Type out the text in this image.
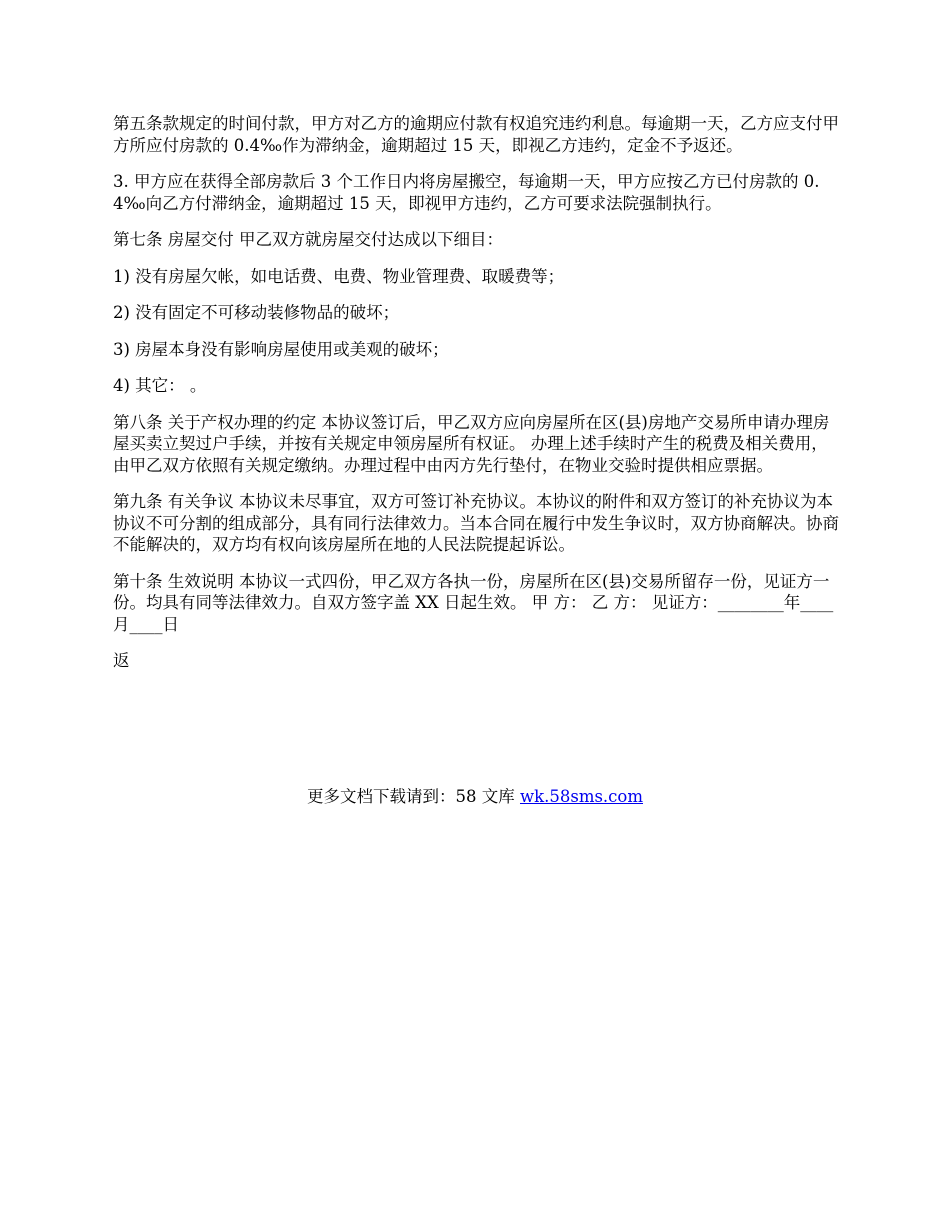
第五条款规定的时间付款，甲方对乙方的逾期应付款有权追究违约利息。每逾期一天，乙方应支付甲方所应付房款的 0.4‰作为滞纳金，逾期超过 15 天，即视乙方违约，定金不予返还。

3. 甲方应在获得全部房款后 3 个工作日内将房屋搬空，每逾期一天，甲方应按乙方已付房款的 0.4‰向乙方付滞纳金，逾期超过 15 天，即视甲方违约，乙方可要求法院强制执行。

第七条 房屋交付 甲乙双方就房屋交付达成以下细目：

1) 没有房屋欠帐，如电话费、电费、物业管理费、取暖费等；

2) 没有固定不可移动装修物品的破坏；

3) 房屋本身没有影响房屋使用或美观的破坏；

4) 其它： 。

第八条 关于产权办理的约定 本协议签订后，甲乙双方应向房屋所在区(县)房地产交易所申请办理房屋买卖立契过户手续，并按有关规定申领房屋所有权证。 办理上述手续时产生的税费及相关费用，由甲乙双方依照有关规定缴纳。办理过程中由丙方先行垫付，在物业交验时提供相应票据。

第九条 有关争议 本协议未尽事宜，双方可签订补充协议。本协议的附件和双方签订的补充协议为本协议不可分割的组成部分，具有同行法律效力。当本合同在履行中发生争议时，双方协商解决。协商不能解决的，双方均有权向该房屋所在地的人民法院提起诉讼。

第十条 生效说明 本协议一式四份，甲乙双方各执一份，房屋所在区(县)交易所留存一份，见证方一份。均具有同等法律效力。自双方签字盖 XX 日起生效。 甲 方： 乙 方： 见证方：________年____月____日

返

更多文档下载请到：58 文库 wk.58sms.com
